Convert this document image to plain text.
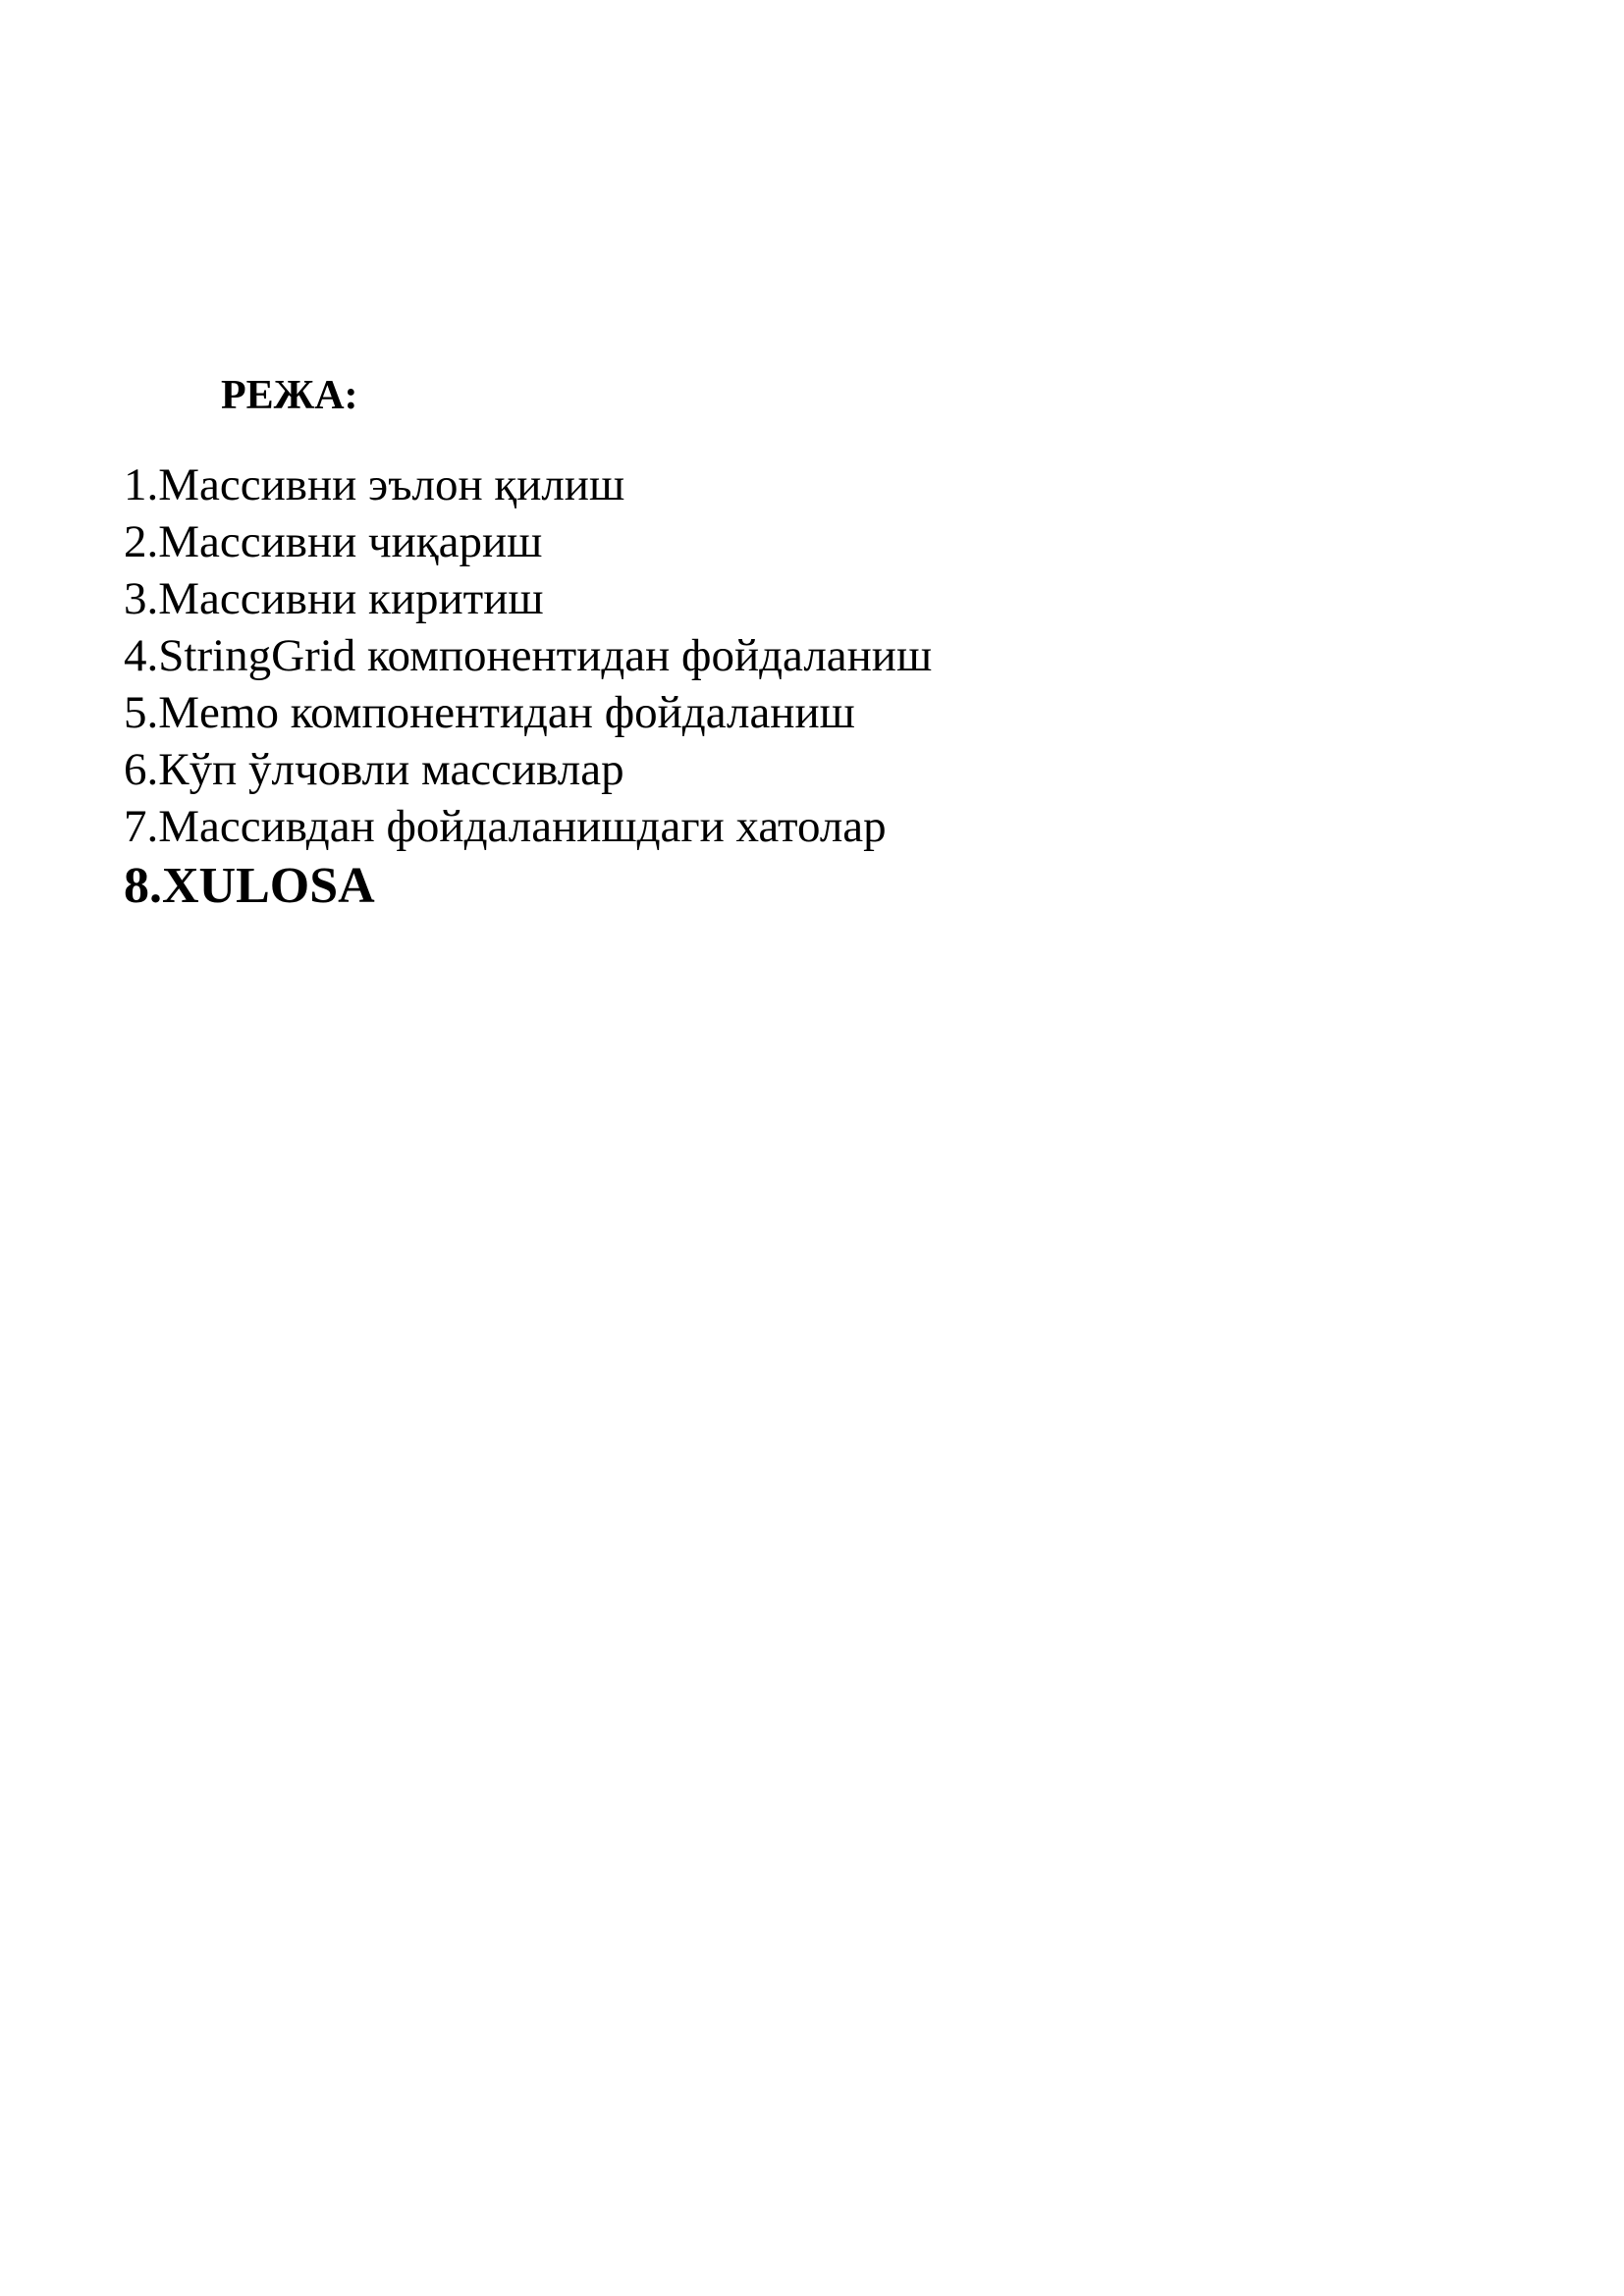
РЕЖА:
1.Массивни эълон қилиш
2.Массивни чиқариш
3.Массивни киритиш
4.StringGrid компонентидан фойдаланиш
5.Memo компонентидан фойдаланиш
6.Кўп ўлчовли массивлар
7.Массивдан фойдаланишдаги хатолар
8.XULOSA
